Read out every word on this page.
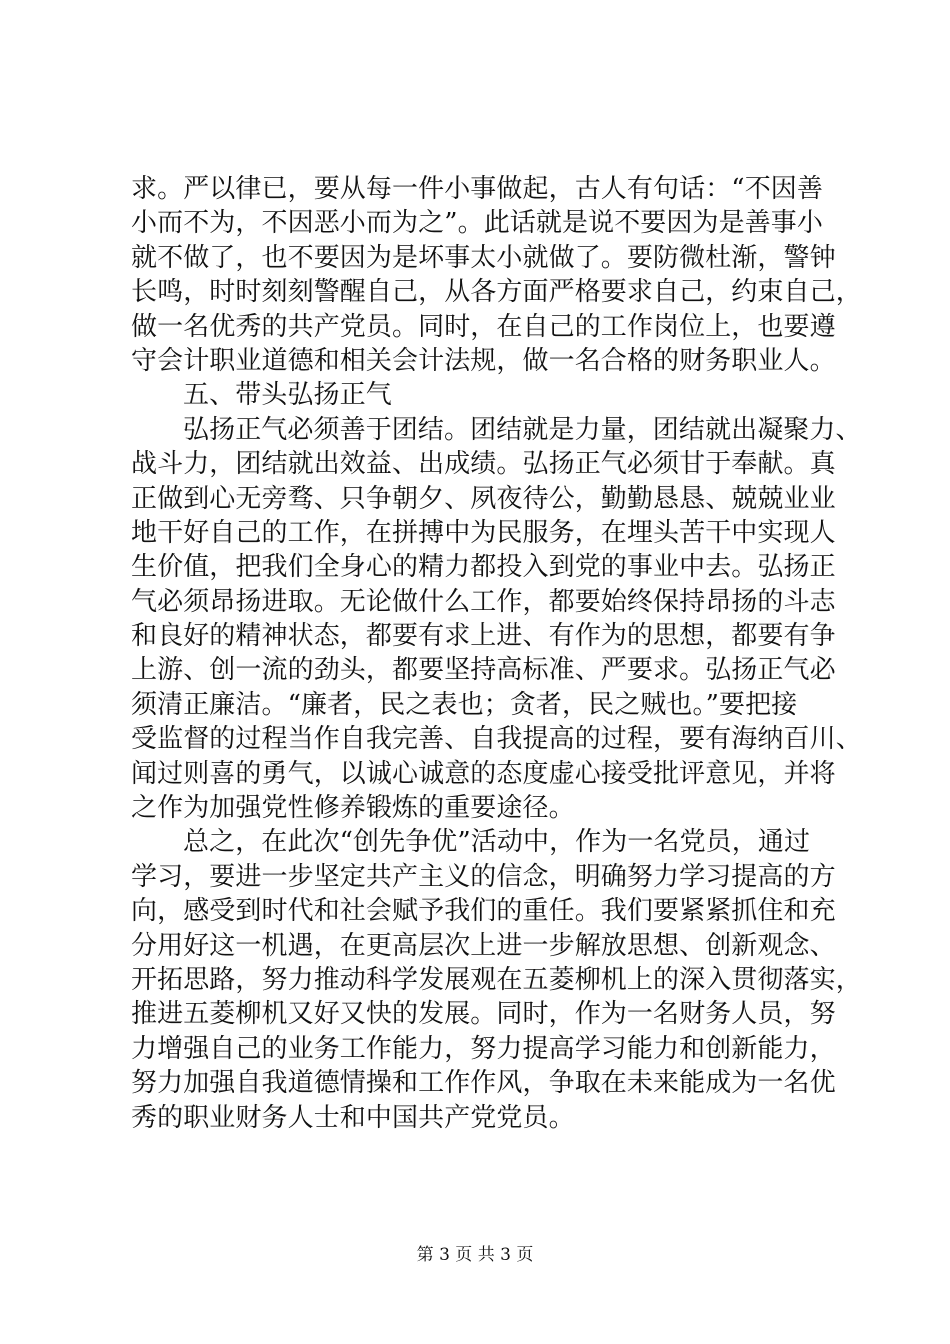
求。严以律已，要从每一件小事做起，古人有句话：“不因善
小而不为，不因恶小而为之”。此话就是说不要因为是善事小
就不做了，也不要因为是坏事太小就做了。要防微杜渐，警钟
长鸣，时时刻刻警醒自己，从各方面严格要求自己，约束自己，
做一名优秀的共产党员。同时，在自己的工作岗位上，也要遵
守会计职业道德和相关会计法规，做一名合格的财务职业人。
五、带头弘扬正气
弘扬正气必须善于团结。团结就是力量，团结就出凝聚力、
战斗力，团结就出效益、出成绩。弘扬正气必须甘于奉献。真
正做到心无旁骛、只争朝夕、夙夜待公，勤勤恳恳、兢兢业业
地干好自己的工作，在拼搏中为民服务，在埋头苦干中实现人
生价值，把我们全身心的精力都投入到党的事业中去。弘扬正
气必须昂扬进取。无论做什么工作，都要始终保持昂扬的斗志
和良好的精神状态，都要有求上进、有作为的思想，都要有争
上游、创一流的劲头，都要坚持高标准、严要求。弘扬正气必
须清正廉洁。“廉者，民之表也；贪者，民之贼也。”要把接
受监督的过程当作自我完善、自我提高的过程，要有海纳百川、
闻过则喜的勇气，以诚心诚意的态度虚心接受批评意见，并将
之作为加强党性修养锻炼的重要途径。
总之，在此次“创先争优”活动中，作为一名党员，通过
学习，要进一步坚定共产主义的信念，明确努力学习提高的方
向，感受到时代和社会赋予我们的重任。我们要紧紧抓住和充
分用好这一机遇，在更高层次上进一步解放思想、创新观念、
开拓思路，努力推动科学发展观在五菱柳机上的深入贯彻落实，
推进五菱柳机又好又快的发展。同时，作为一名财务人员，努
力增强自己的业务工作能力，努力提高学习能力和创新能力，
努力加强自我道德情操和工作作风，争取在未来能成为一名优
秀的职业财务人士和中国共产党党员。
第 3 页 共 3 页
